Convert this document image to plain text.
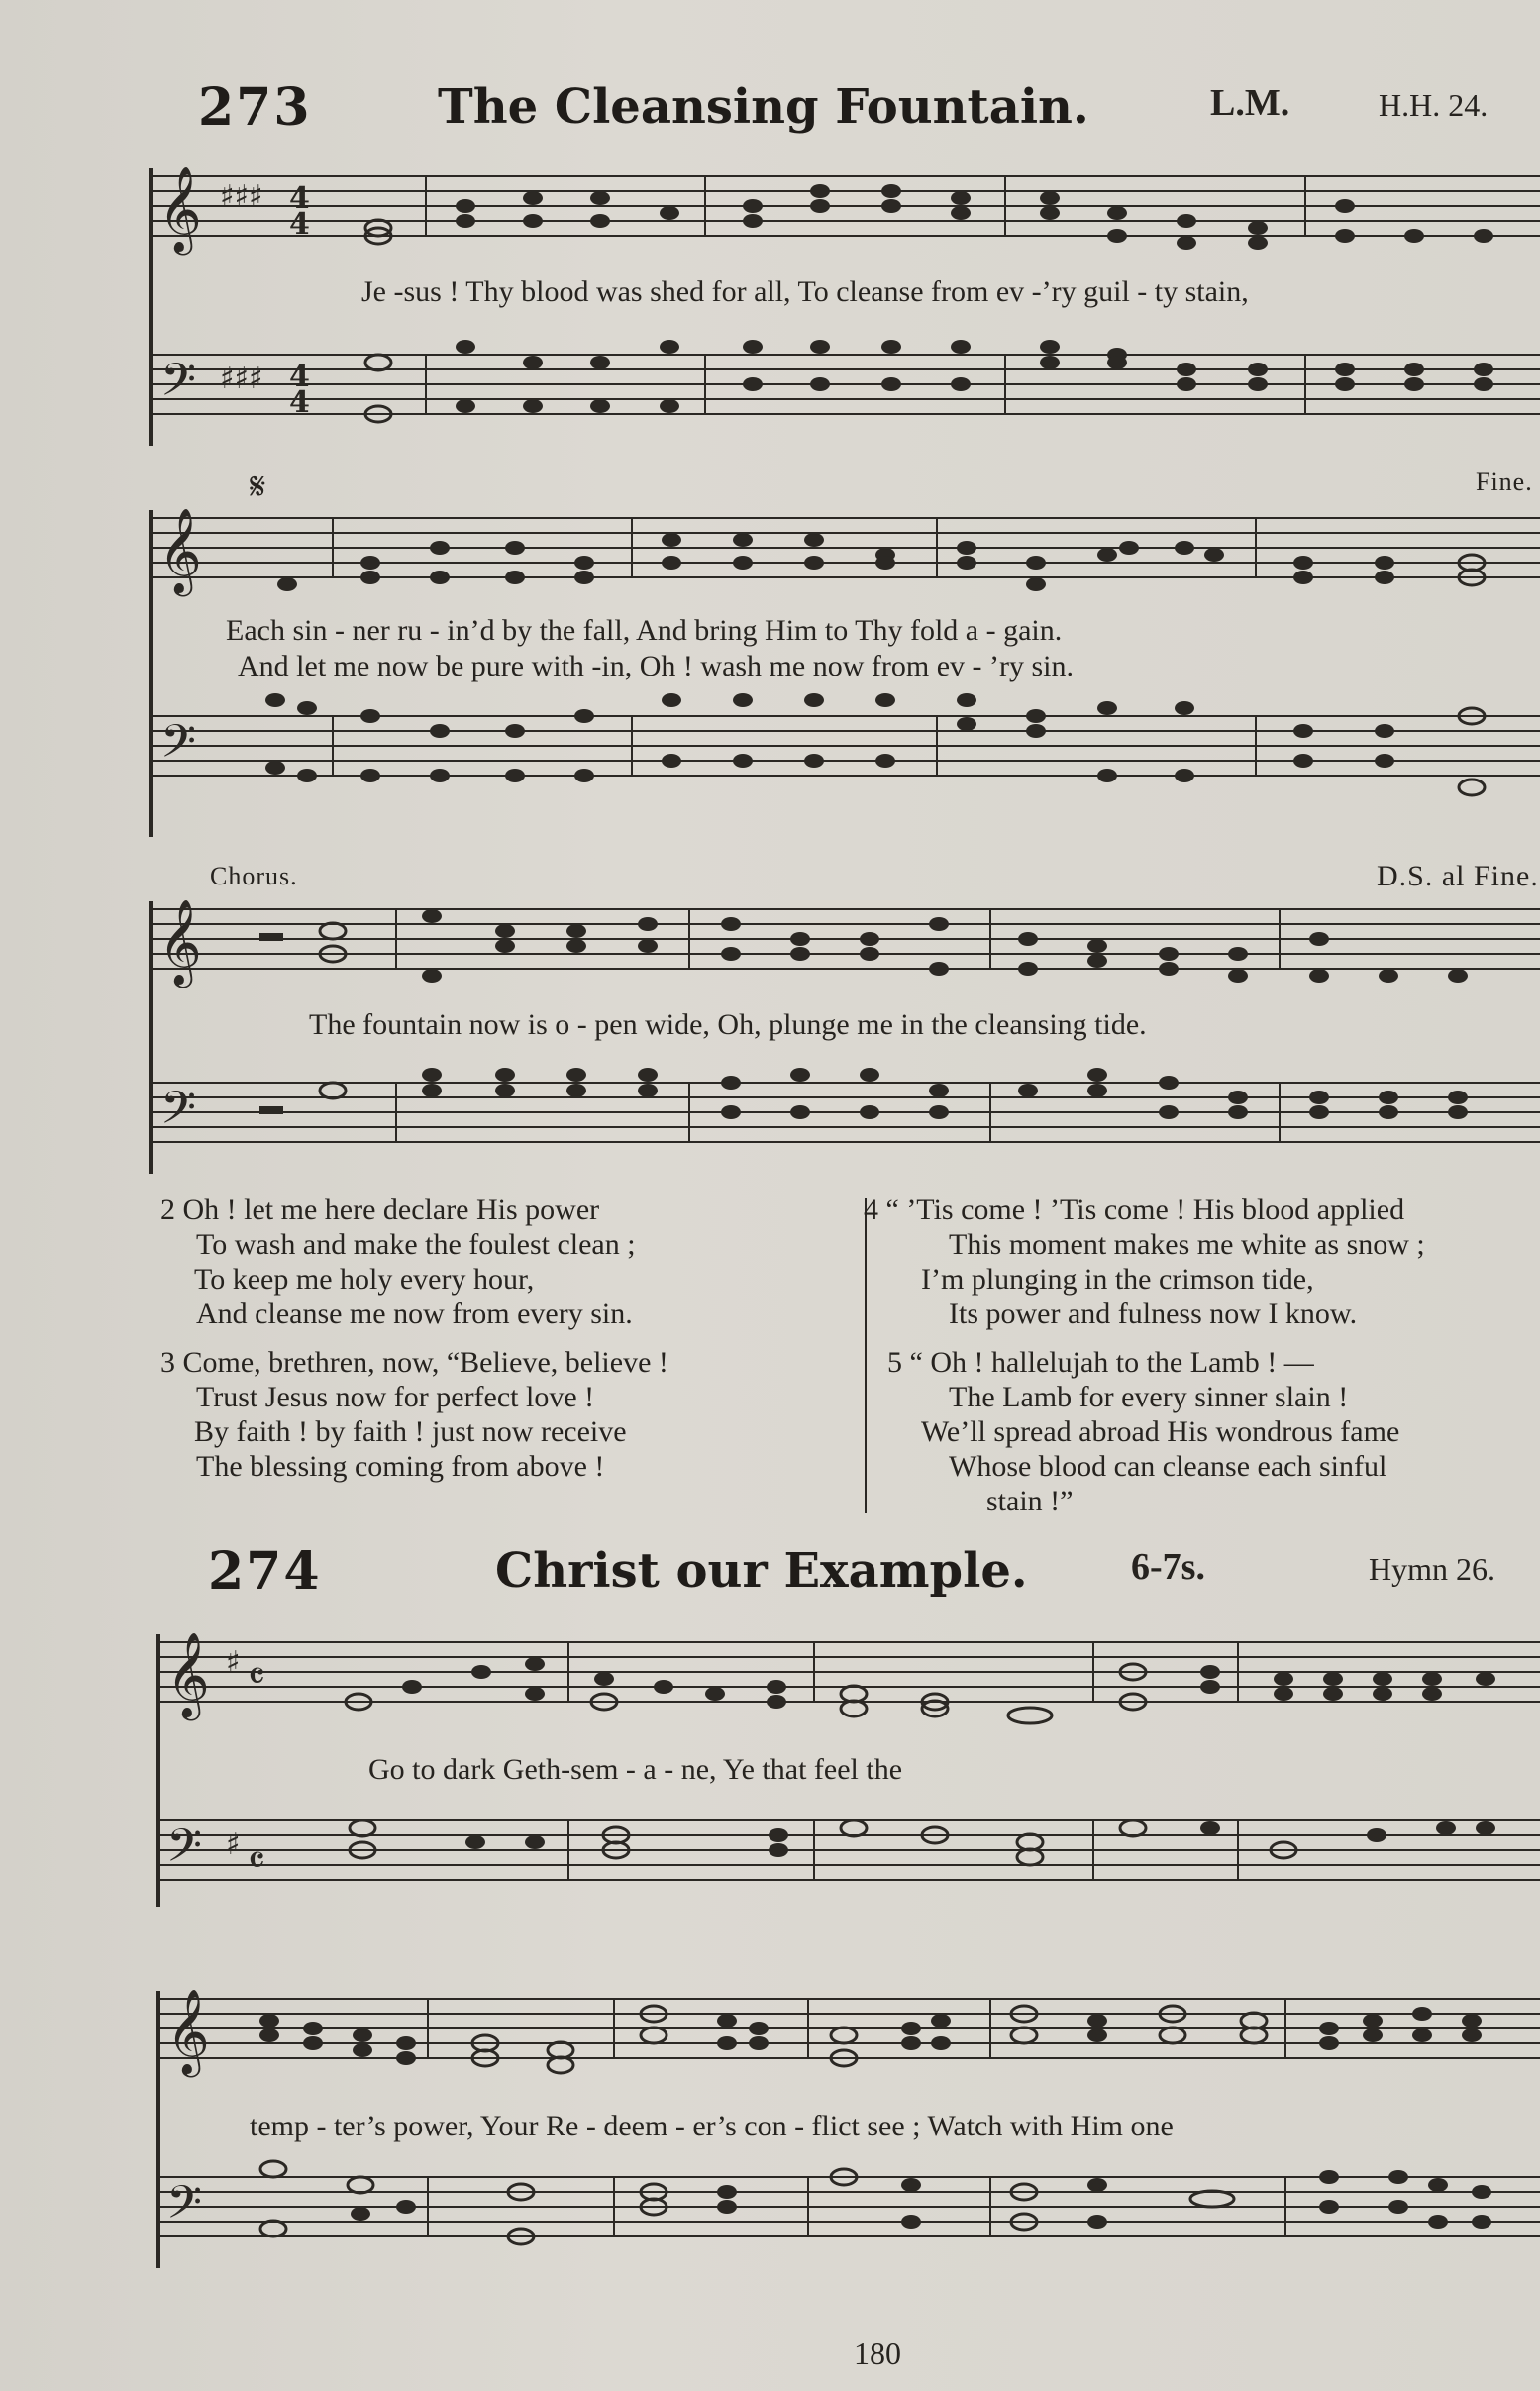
273	The Cleansing Fountain.	L.M.	H.H. 24.
𝄞 ♯♯♯ 4
4
Je -sus ! Thy blood was shed for all, To cleanse from ev -’ry guil - ty stain,
𝄢 ♯♯♯ 4
4
𝄋	Fine.
𝄞
Each sin - ner ru - in’d by the fall, And bring Him to Thy fold a - gain.
And let me now be pure with -in, Oh ! wash me now from ev - ’ry sin.
𝄢
Chorus.	D.S. al Fine.
𝄞
The fountain now is o - pen wide, Oh, plunge me in the cleansing tide.
𝄢
2 Oh ! let me here declare His power
To wash and make the foulest clean ;
To keep me holy every hour,
And cleanse me now from every sin.
3 Come, brethren, now, “Believe, believe !
Trust Jesus now for perfect love !
By faith ! by faith ! just now receive
The blessing coming from above !
4 “ ’Tis come ! ’Tis come ! His blood applied
This moment makes me white as snow ;
I’m plunging in the crimson tide,
Its power and fulness now I know.
5 “ Oh ! hallelujah to the Lamb ! —
The Lamb for every sinner slain !
We’ll spread abroad His wondrous fame
Whose blood can cleanse each sinful
stain !”
274	Christ our Example.	6-7s.	Hymn 26.
𝄞 ♯ 𝄴
Go to dark Geth-sem - a - ne, Ye that feel the
𝄢 ♯ 𝄴
𝄞
temp - ter’s power, Your Re - deem - er’s con - flict see ; Watch with Him one
𝄢
180
